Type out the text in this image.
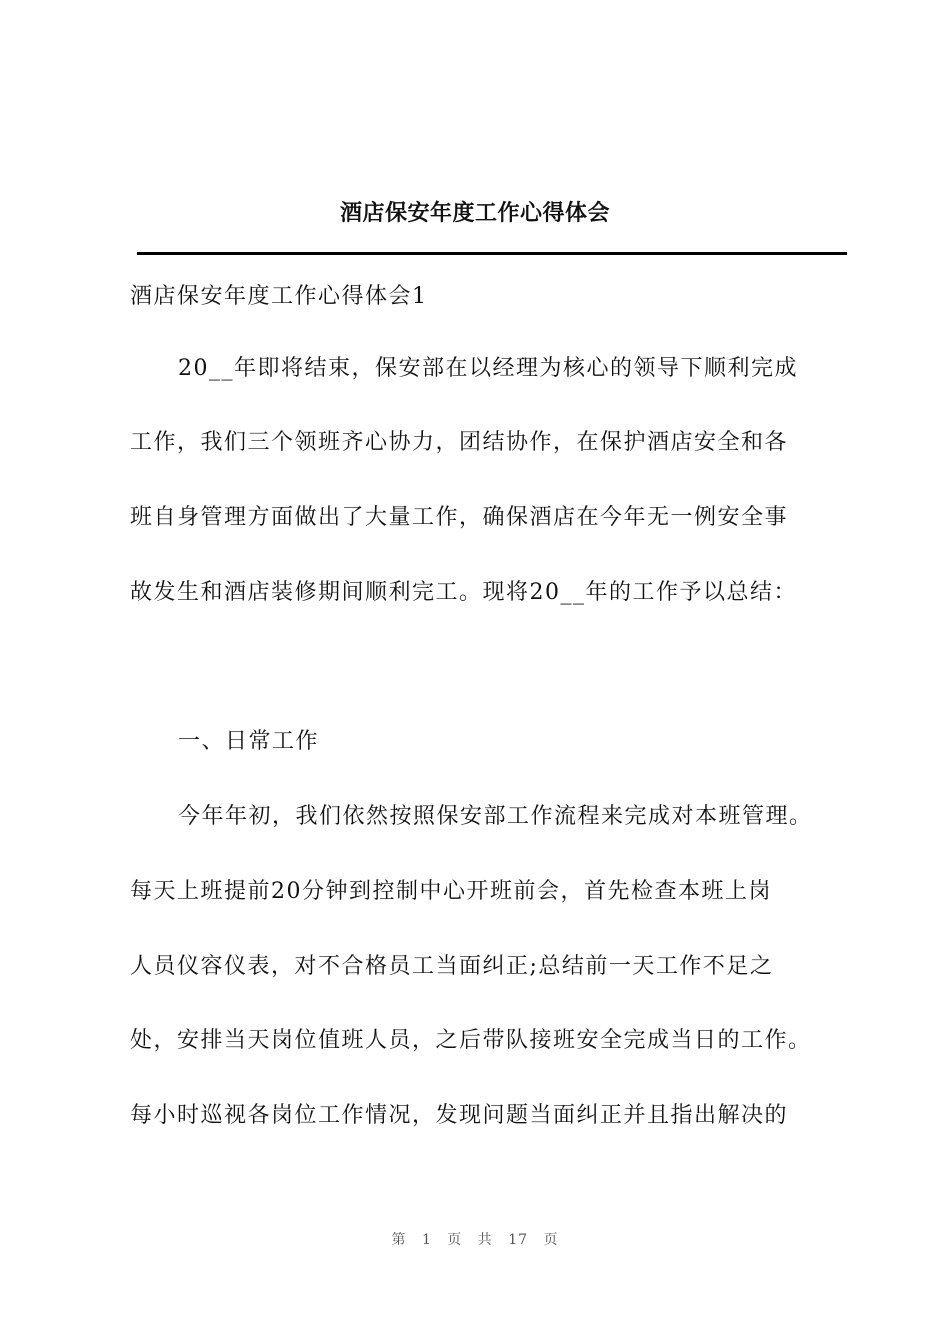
酒店保安年度工作心得体会
酒店保安年度工作心得体会1
20__年即将结束，保安部在以经理为核心的领导下顺利完成
工作，我们三个领班齐心协力，团结协作，在保护酒店安全和各
班自身管理方面做出了大量工作，确保酒店在今年无一例安全事
故发生和酒店装修期间顺利完工。现将20__年的工作予以总结：
一、日常工作
今年年初，我们依然按照保安部工作流程来完成对本班管理。
每天上班提前20分钟到控制中心开班前会，首先检查本班上岗
人员仪容仪表，对不合格员工当面纠正;总结前一天工作不足之
处，安排当天岗位值班人员，之后带队接班安全完成当日的工作。
每小时巡视各岗位工作情况，发现问题当面纠正并且指出解决的
第 1 页 共 17 页
